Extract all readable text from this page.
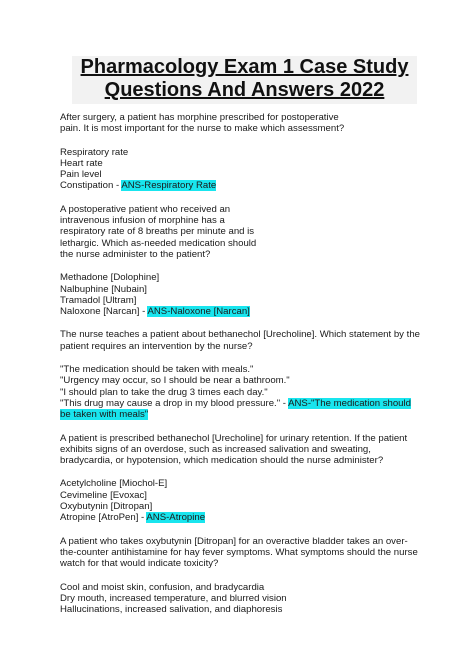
Pharmacology Exam 1 Case Study Questions And Answers 2022
After surgery, a patient has morphine prescribed for postoperative
pain. It is most important for the nurse to make which assessment?
Respiratory rate
Heart rate
Pain level
Constipation - ANS-Respiratory Rate
A postoperative patient who received an
intravenous infusion of morphine has a
respiratory rate of 8 breaths per minute and is
lethargic. Which as-needed medication should
the nurse administer to the patient?
Methadone [Dolophine]
Nalbuphine [Nubain]
Tramadol [Ultram]
Naloxone [Narcan] - ANS-Naloxone [Narcan]
The nurse teaches a patient about bethanechol [Urecholine]. Which statement by the
patient requires an intervention by the nurse?
"The medication should be taken with meals."
"Urgency may occur, so I should be near a bathroom."
"I should plan to take the drug 3 times each day."
"This drug may cause a drop in my blood pressure." - ANS-"The medication should
be taken with meals"
A patient is prescribed bethanechol [Urecholine] for urinary retention. If the patient
exhibits signs of an overdose, such as increased salivation and sweating,
bradycardia, or hypotension, which medication should the nurse administer?
Acetylcholine [Miochol-E]
Cevimeline [Evoxac]
Oxybutynin [Ditropan]
Atropine [AtroPen] - ANS-Atropine
A patient who takes oxybutynin [Ditropan] for an overactive bladder takes an over-
the-counter antihistamine for hay fever symptoms. What symptoms should the nurse
watch for that would indicate toxicity?
Cool and moist skin, confusion, and bradycardia
Dry mouth, increased temperature, and blurred vision
Hallucinations, increased salivation, and diaphoresis
